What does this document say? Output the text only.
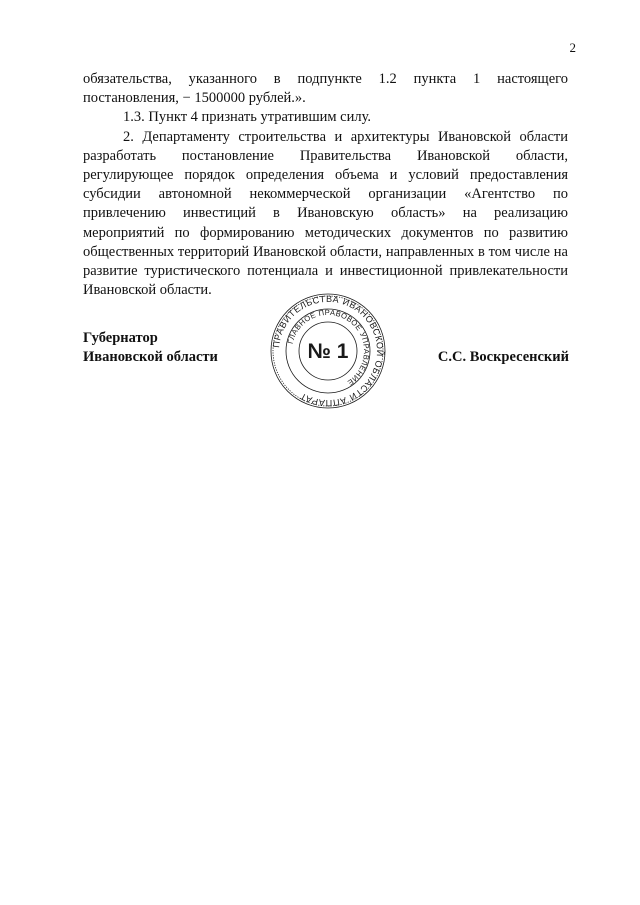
2

обязательства, указанного в подпункте 1.2 пункта 1 настоящего постановления, − 1500000 рублей.».

1.3. Пункт 4 признать утратившим силу.

2. Департаменту строительства и архитектуры Ивановской области разработать постановление Правительства Ивановской области, регулирующее порядок определения объема и условий предоставления субсидии автономной некоммерческой организации «Агентство по привлечению инвестиций в Ивановскую область» на реализацию мероприятий по формированию методических документов по развитию общественных территорий Ивановской области, направленных в том числе на развитие туристического потенциала и инвестиционной привлекательности Ивановской области.

Губернатор
Ивановской области
ПРАВИТЕЛЬСТВА ИВАНОВСКОЙ ОБЛАСТИ АППАРАТ
ГЛАВНОЕ ПРАВОВОЕ УПРАВЛЕНИЕ
№ 1	С.С. Воскресенский
